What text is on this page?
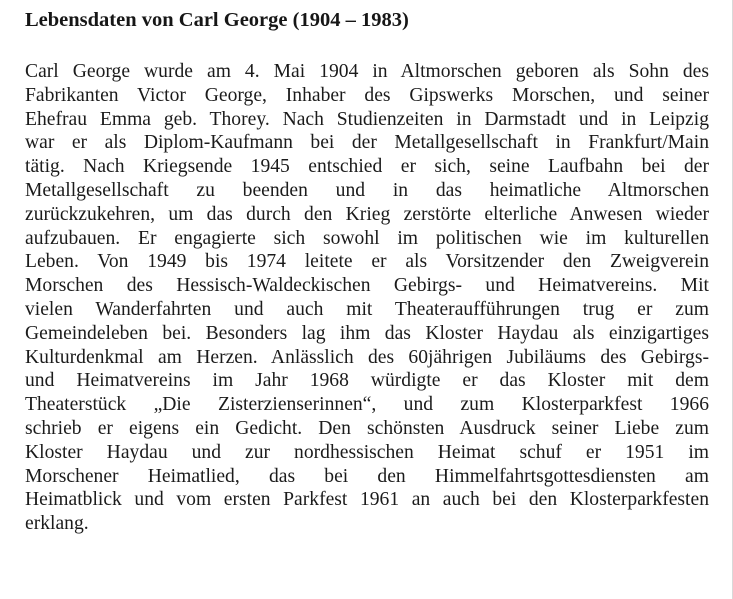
Lebensdaten von Carl George (1904 – 1983)
Carl George wurde am 4. Mai 1904 in Altmorschen geboren als Sohn des
Fabrikanten Victor George, Inhaber des Gipswerks Morschen, und seiner
Ehefrau Emma geb. Thorey. Nach Studienzeiten in Darmstadt und in Leipzig
war er als Diplom-Kaufmann bei der Metallgesellschaft in Frankfurt/Main
tätig. Nach Kriegsende 1945 entschied er sich, seine Laufbahn bei der
Metallgesellschaft zu beenden und in das heimatliche Altmorschen
zurückzukehren, um das durch den Krieg zerstörte elterliche Anwesen wieder
aufzubauen. Er engagierte sich sowohl im politischen wie im kulturellen
Leben. Von 1949 bis 1974 leitete er als Vorsitzender den Zweigverein
Morschen des Hessisch-Waldeckischen Gebirgs- und Heimatvereins. Mit
vielen Wanderfahrten und auch mit Theateraufführungen trug er zum
Gemeindeleben bei. Besonders lag ihm das Kloster Haydau als einzigartiges
Kulturdenkmal am Herzen. Anlässlich des 60jährigen Jubiläums des Gebirgs-
und Heimatvereins im Jahr 1968 würdigte er das Kloster mit dem
Theaterstück „Die Zisterzienserinnen“, und zum Klosterparkfest 1966
schrieb er eigens ein Gedicht. Den schönsten Ausdruck seiner Liebe zum
Kloster Haydau und zur nordhessischen Heimat schuf er 1951 im
Morschener Heimatlied, das bei den Himmelfahrtsgottesdiensten am
Heimatblick und vom ersten Parkfest 1961 an auch bei den Klosterparkfesten
erklang.
